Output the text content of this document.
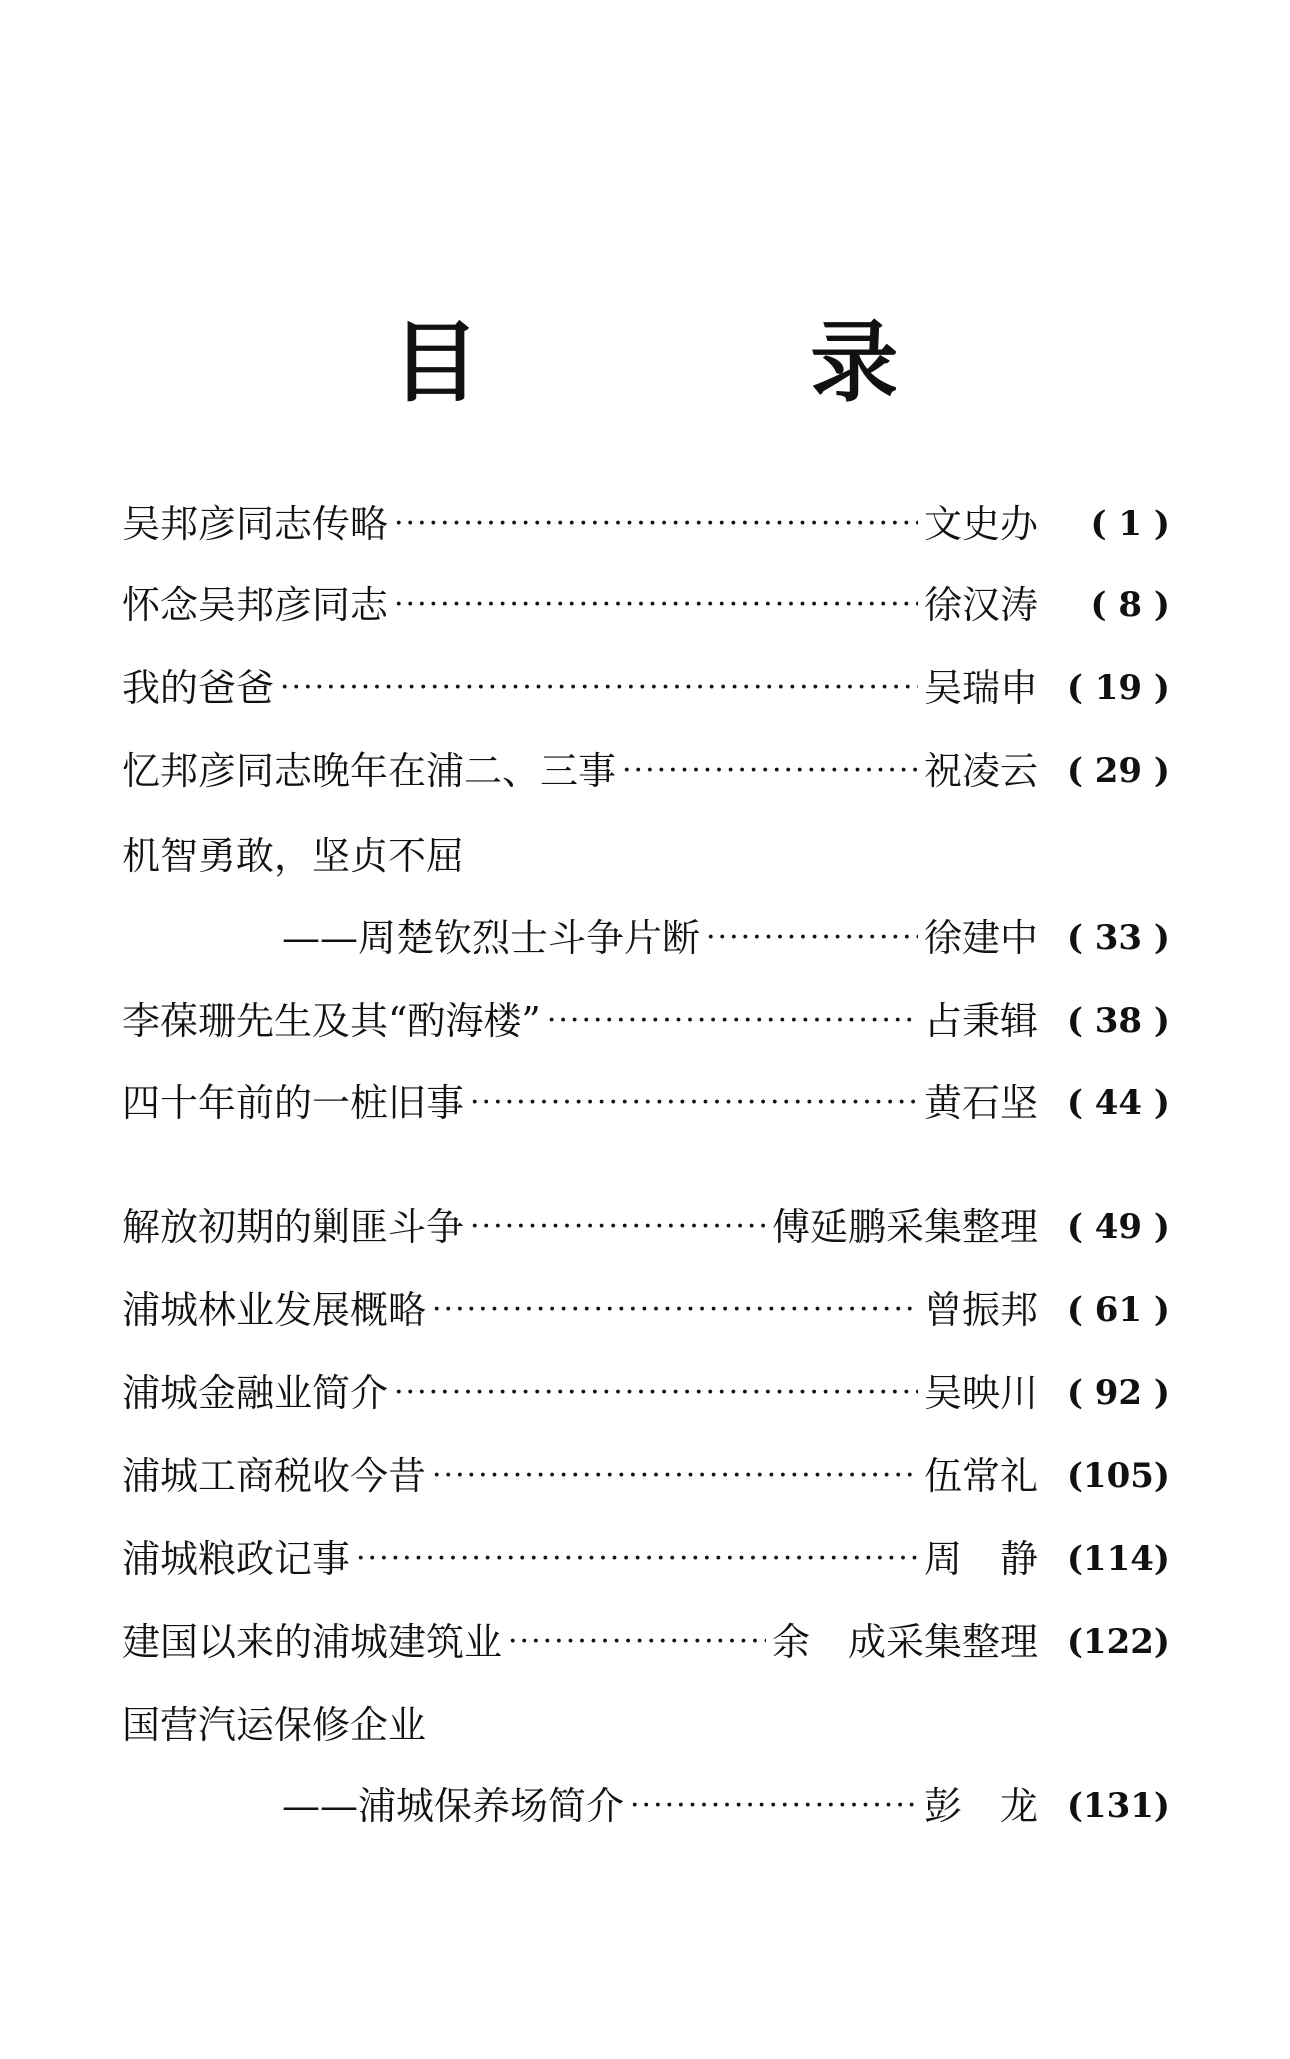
目 录
吴邦彦同志传略 ·····	文史办	( 1 )
怀念吴邦彦同志 ·····	徐汉涛	( 8 )
我的爸爸 ·····	吴瑞申 ( 19 )
忆邦彦同志晚年在浦二、三事 ·····	祝凌云 ( 29 )
机智勇敢，坚贞不屈
——周楚钦烈士斗争片断 ·····	徐建中 ( 33 )
李葆珊先生及其“酌海楼” ·····	占秉辑 ( 38 )
四十年前的一桩旧事 ·····	黄石坚 ( 44 )
解放初期的剿匪斗争 ·····	傅延鹏采集整理 ( 49 )
浦城林业发展概略 ·····	曾振邦 ( 61 )
浦城金融业简介 ·····	吴映川 ( 92 )
浦城工商税收今昔 ·····	伍常礼 (105)
浦城粮政记事 ·····	周　静 (114)
建国以来的浦城建筑业 ·····	余　成采集整理 (122)
国营汽运保修企业
——浦城保养场简介 ·····	彭　龙 (131)
